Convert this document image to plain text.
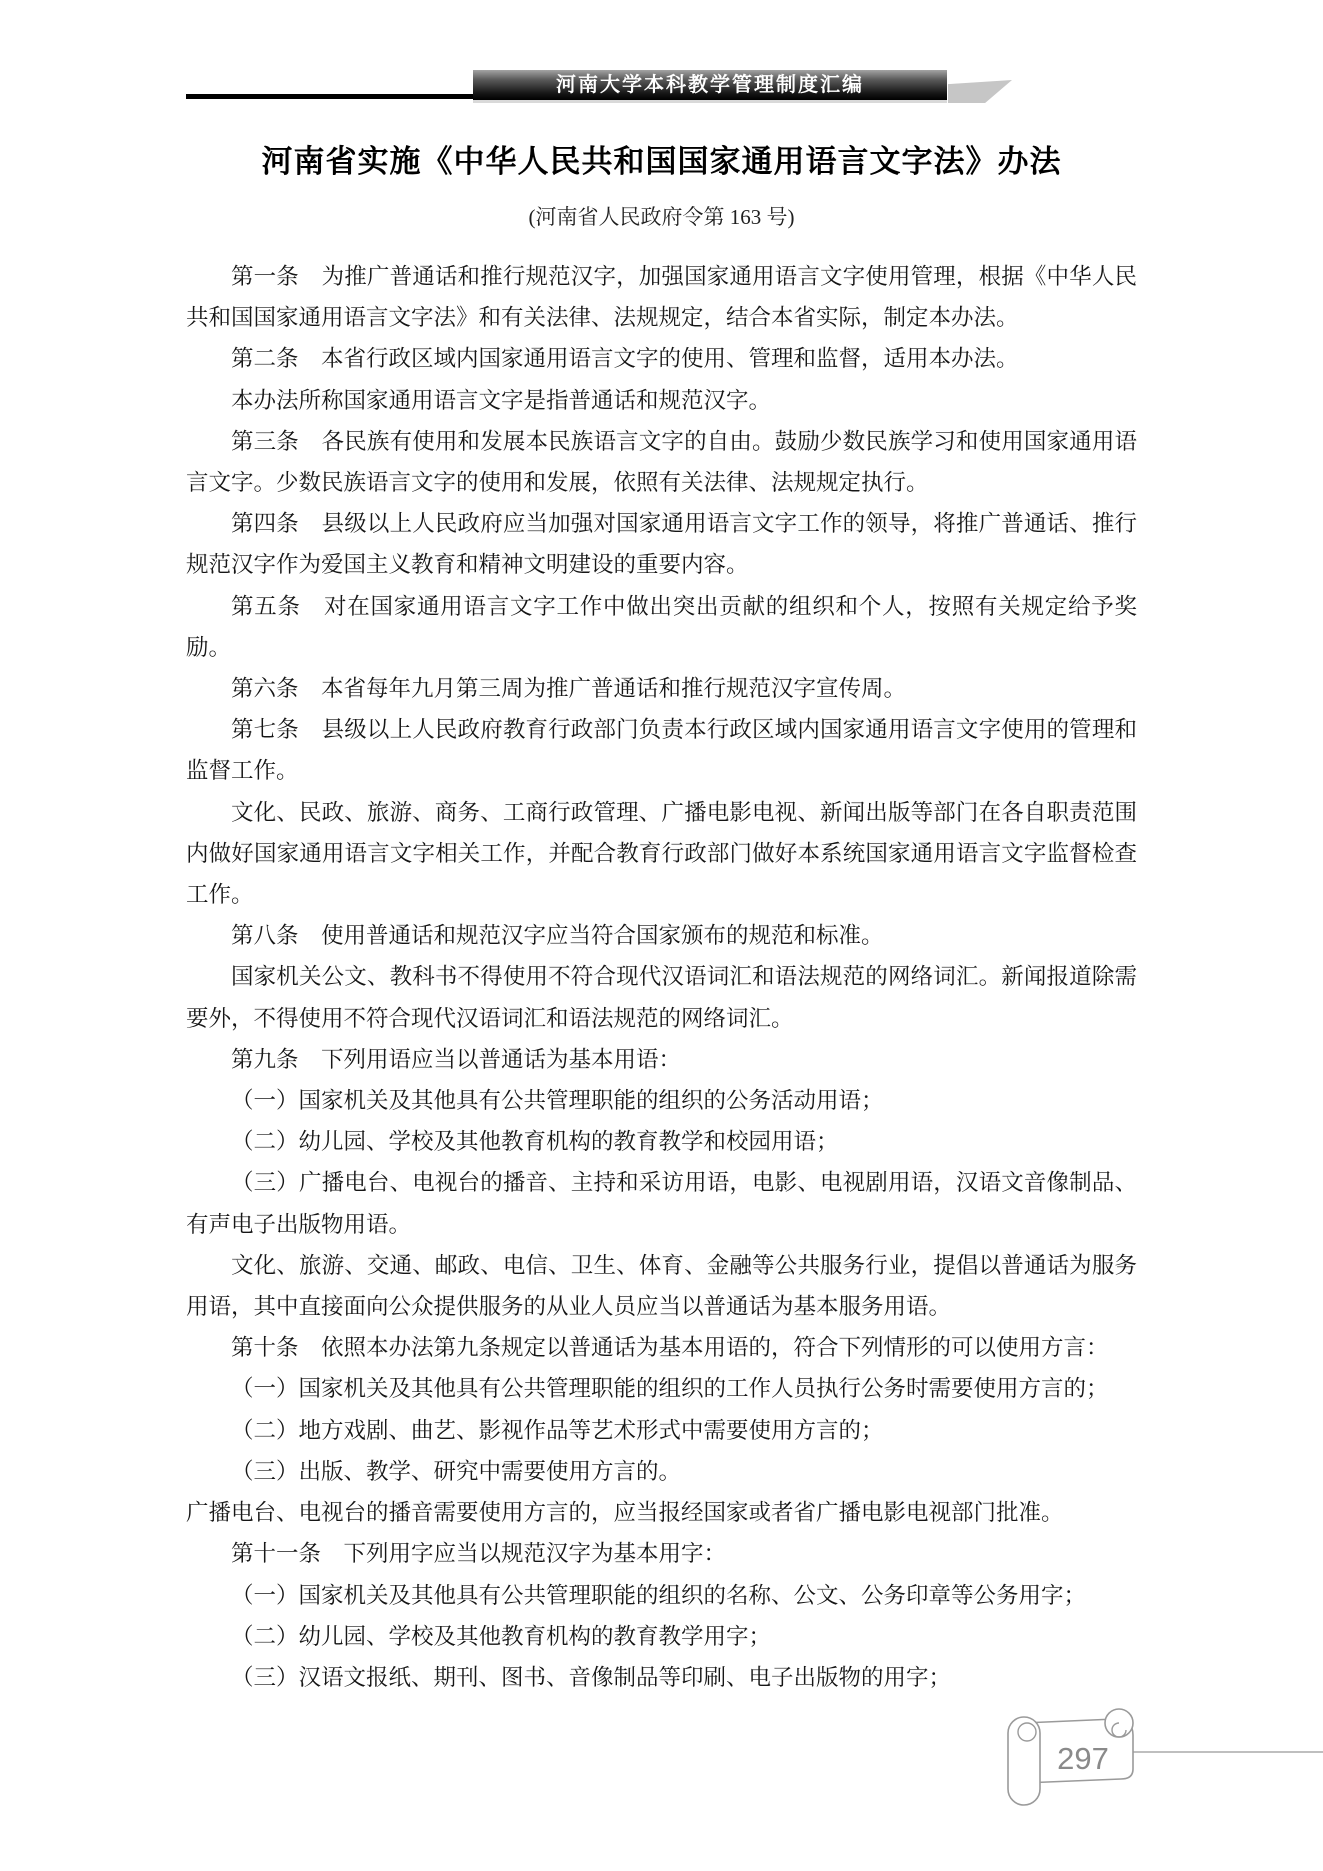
河南大学本科教学管理制度汇编
河南省实施《中华人民共和国国家通用语言文字法》办法
(河南省人民政府令第 163 号)

第一条　为推广普通话和推行规范汉字，加强国家通用语言文字使用管理，根据《中华人民共和国国家通用语言文字法》和有关法律、法规规定，结合本省实际，制定本办法。

第二条　本省行政区域内国家通用语言文字的使用、管理和监督，适用本办法。

本办法所称国家通用语言文字是指普通话和规范汉字。

第三条　各民族有使用和发展本民族语言文字的自由。鼓励少数民族学习和使用国家通用语言文字。少数民族语言文字的使用和发展，依照有关法律、法规规定执行。

第四条　县级以上人民政府应当加强对国家通用语言文字工作的领导，将推广普通话、推行规范汉字作为爱国主义教育和精神文明建设的重要内容。

第五条　对在国家通用语言文字工作中做出突出贡献的组织和个人，按照有关规定给予奖励。

第六条　本省每年九月第三周为推广普通话和推行规范汉字宣传周。

第七条　县级以上人民政府教育行政部门负责本行政区域内国家通用语言文字使用的管理和监督工作。

文化、民政、旅游、商务、工商行政管理、广播电影电视、新闻出版等部门在各自职责范围内做好国家通用语言文字相关工作，并配合教育行政部门做好本系统国家通用语言文字监督检查工作。

第八条　使用普通话和规范汉字应当符合国家颁布的规范和标准。

国家机关公文、教科书不得使用不符合现代汉语词汇和语法规范的网络词汇。新闻报道除需要外，不得使用不符合现代汉语词汇和语法规范的网络词汇。

第九条　下列用语应当以普通话为基本用语：

（一）国家机关及其他具有公共管理职能的组织的公务活动用语；

（二）幼儿园、学校及其他教育机构的教育教学和校园用语；

（三）广播电台、电视台的播音、主持和采访用语，电影、电视剧用语，汉语文音像制品、有声电子出版物用语。

文化、旅游、交通、邮政、电信、卫生、体育、金融等公共服务行业，提倡以普通话为服务用语，其中直接面向公众提供服务的从业人员应当以普通话为基本服务用语。

第十条　依照本办法第九条规定以普通话为基本用语的，符合下列情形的可以使用方言：

（一）国家机关及其他具有公共管理职能的组织的工作人员执行公务时需要使用方言的；

（二）地方戏剧、曲艺、影视作品等艺术形式中需要使用方言的；

（三）出版、教学、研究中需要使用方言的。

广播电台、电视台的播音需要使用方言的，应当报经国家或者省广播电影电视部门批准。

第十一条　下列用字应当以规范汉字为基本用字：

（一）国家机关及其他具有公共管理职能的组织的名称、公文、公务印章等公务用字；

（二）幼儿园、学校及其他教育机构的教育教学用字；

（三）汉语文报纸、期刊、图书、音像制品等印刷、电子出版物的用字；

297
